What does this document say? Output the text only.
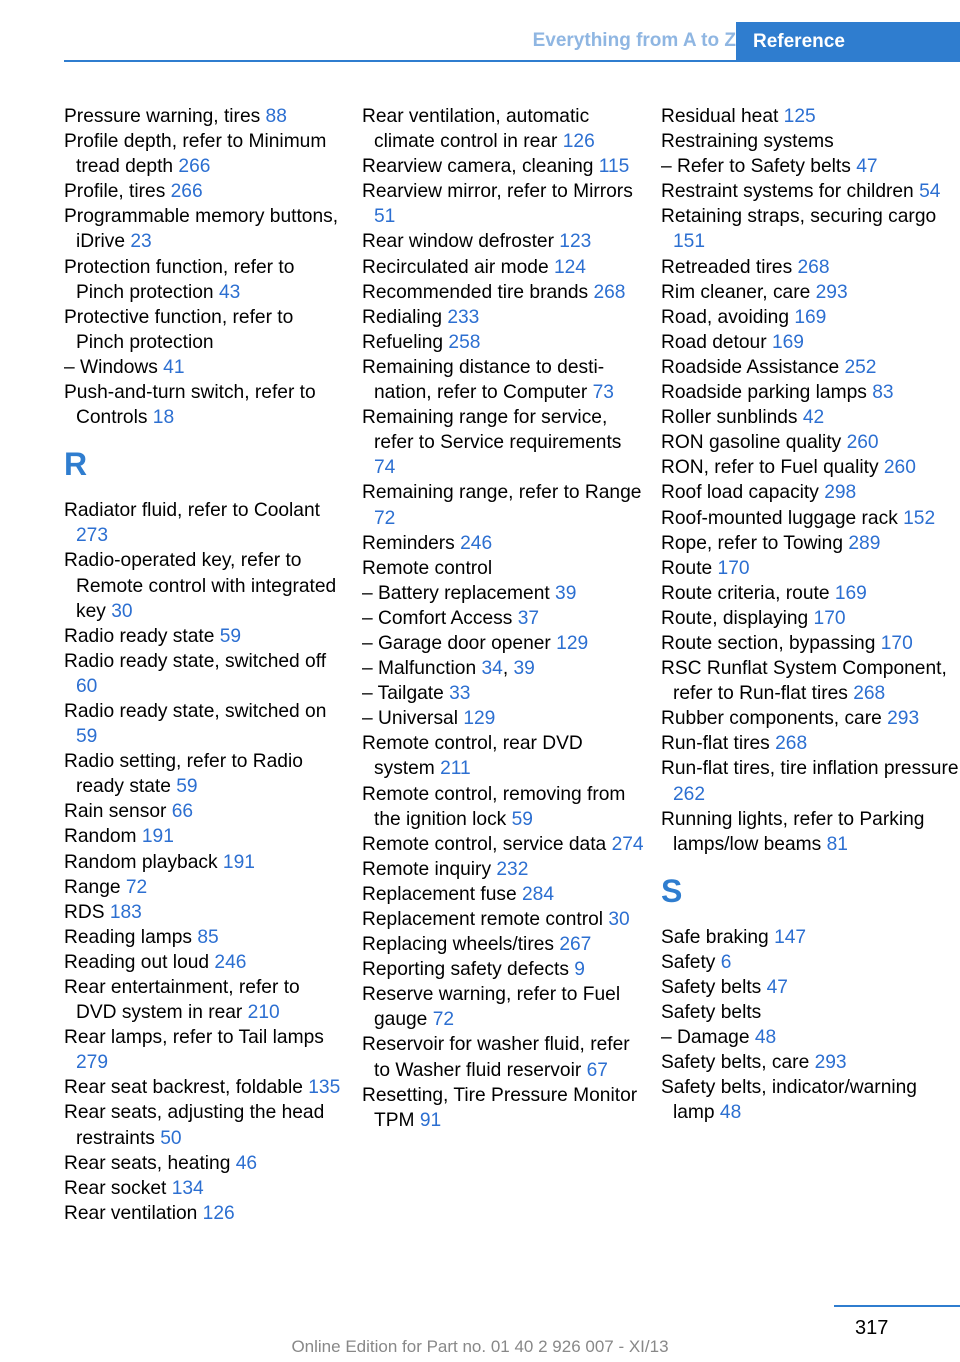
Everything from A to Z Reference
Pressure warning, tires 88
Profile depth, refer to Minimum tread depth 266
Profile, tires 266
Programmable memory buttons, iDrive 23
Protection function, refer to Pinch protection 43
Protective function, refer to Pinch protection
– Windows 41
Push-and-turn switch, refer to Controls 18
R
Radiator fluid, refer to Coolant 273
Radio-operated key, refer to Remote control with integrated key 30
Radio ready state 59
Radio ready state, switched off 60
Radio ready state, switched on 59
Radio setting, refer to Radio ready state 59
Rain sensor 66
Random 191
Random playback 191
Range 72
RDS 183
Reading lamps 85
Reading out loud 246
Rear entertainment, refer to DVD system in rear 210
Rear lamps, refer to Tail lamps 279
Rear seat backrest, foldable 135
Rear seats, adjusting the head restraints 50
Rear seats, heating 46
Rear socket 134
Rear ventilation 126
Rear ventilation, automatic climate control in rear 126
Rearview camera, cleaning 115
Rearview mirror, refer to Mirrors 51
Rear window defroster 123
Recirculated air mode 124
Recommended tire brands 268
Redialing 233
Refueling 258
Remaining distance to destination, refer to Computer 73
Remaining range for service, refer to Service requirements 74
Remaining range, refer to Range 72
Reminders 246
Remote control
– Battery replacement 39
– Comfort Access 37
– Garage door opener 129
– Malfunction 34, 39
– Tailgate 33
– Universal 129
Remote control, rear DVD system 211
Remote control, removing from the ignition lock 59
Remote control, service data 274
Remote inquiry 232
Replacement fuse 284
Replacement remote control 30
Replacing wheels/tires 267
Reporting safety defects 9
Reserve warning, refer to Fuel gauge 72
Reservoir for washer fluid, refer to Washer fluid reservoir 67
Resetting, Tire Pressure Monitor TPM 91
Residual heat 125
Restraining systems
– Refer to Safety belts 47
Restraint systems for children 54
Retaining straps, securing cargo 151
Retreaded tires 268
Rim cleaner, care 293
Road, avoiding 169
Road detour 169
Roadside Assistance 252
Roadside parking lamps 83
Roller sunblinds 42
RON gasoline quality 260
RON, refer to Fuel quality 260
Roof load capacity 298
Roof-mounted luggage rack 152
Rope, refer to Towing 289
Route 170
Route criteria, route 169
Route, displaying 170
Route section, bypassing 170
RSC Runflat System Component, refer to Run-flat tires 268
Rubber components, care 293
Run-flat tires 268
Run-flat tires, tire inflation pressure 262
Running lights, refer to Parking lamps/low beams 81
S
Safe braking 147
Safety 6
Safety belts 47
Safety belts
– Damage 48
Safety belts, care 293
Safety belts, indicator/warning lamp 48
317
Online Edition for Part no. 01 40 2 926 007 - XI/13
